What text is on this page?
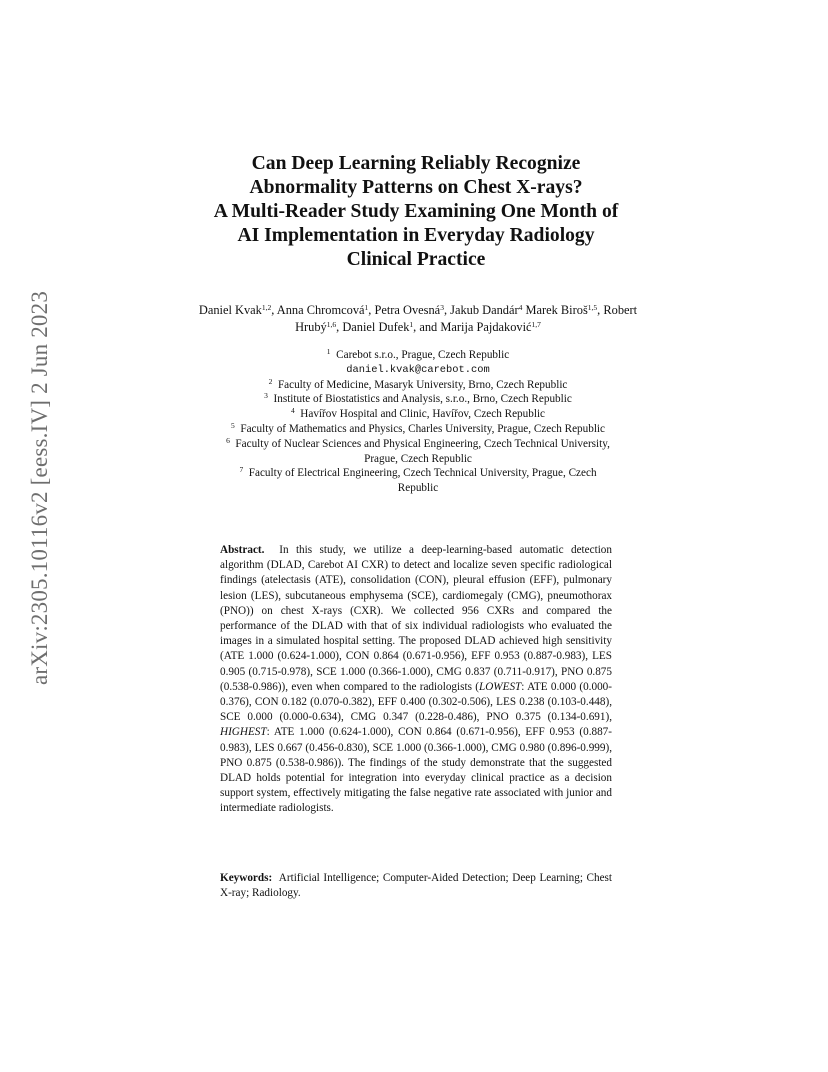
arXiv:2305.10116v2 [eess.IV] 2 Jun 2023
Can Deep Learning Reliably Recognize
Abnormality Patterns on Chest X-rays?
A Multi-Reader Study Examining One Month of
AI Implementation in Everyday Radiology
Clinical Practice
Daniel Kvak$^{1,2}$, Anna Chromcová$^1$, Petra Ovesná$^3$, Jakub Dandár$^4$ Marek Biroš$^{1,5}$, Robert Hrubý$^{1,6}$, Daniel Dufek$^1$, and Marija Pajdaković$^{1,7}$
$^1$ Carebot s.r.o., Prague, Czech Republic
daniel.kvak@carebot.com
$^2$ Faculty of Medicine, Masaryk University, Brno, Czech Republic
$^3$ Institute of Biostatistics and Analysis, s.r.o., Brno, Czech Republic
$^4$ Havířov Hospital and Clinic, Havířov, Czech Republic
$^5$ Faculty of Mathematics and Physics, Charles University, Prague, Czech Republic
$^6$ Faculty of Nuclear Sciences and Physical Engineering, Czech Technical University,
Prague, Czech Republic
$^7$ Faculty of Electrical Engineering, Czech Technical University, Prague, Czech
Republic

Abstract. In this study, we utilize a deep-learning-based automatic detection algorithm (DLAD, Carebot AI CXR) to detect and localize seven specific radiological findings (atelectasis (ATE), consolidation (CON), pleural effusion (EFF), pulmonary lesion (LES), subcutaneous emphysema (SCE), cardiomegaly (CMG), pneumothorax (PNO)) on chest X-rays (CXR). We collected 956 CXRs and compared the performance of the DLAD with that of six individual radiologists who evaluated the images in a simulated hospital setting. The proposed DLAD achieved high sensitivity (ATE 1.000 (0.624-1.000), CON 0.864 (0.671-0.956), EFF 0.953 (0.887-0.983), LES 0.905 (0.715-0.978), SCE 1.000 (0.366-1.000), CMG 0.837 (0.711-0.917), PNO 0.875 (0.538-0.986)), even when compared to the radiologists (LOWEST: ATE 0.000 (0.000-0.376), CON 0.182 (0.070-0.382), EFF 0.400 (0.302-0.506), LES 0.238 (0.103-0.448), SCE 0.000 (0.000-0.634), CMG 0.347 (0.228-0.486), PNO 0.375 (0.134-0.691), HIGHEST: ATE 1.000 (0.624-1.000), CON 0.864 (0.671-0.956), EFF 0.953 (0.887-0.983), LES 0.667 (0.456-0.830), SCE 1.000 (0.366-1.000), CMG 0.980 (0.896-0.999), PNO 0.875 (0.538-0.986)). The findings of the study demonstrate that the suggested DLAD holds potential for integration into everyday clinical practice as a decision support system, effectively mitigating the false negative rate associated with junior and intermediate radiologists.

Keywords: Artificial Intelligence; Computer-Aided Detection; Deep Learning; Chest X-ray; Radiology.
